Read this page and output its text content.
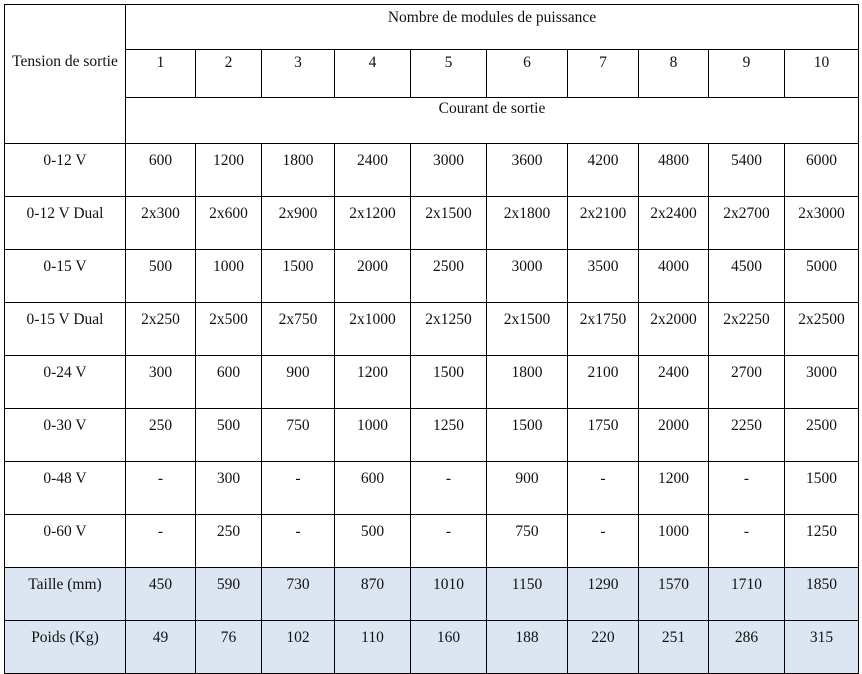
Tension de sortie	Nombre de modules de puissance									
	1	2	3	4	5	6	7	8	9	10
	Courant de sortie									
0-12 V	600	1200	1800	2400	3000	3600	4200	4800	5400	6000
0-12 V Dual	2x300	2x600	2x900	2x1200	2x1500	2x1800	2x2100	2x2400	2x2700	2x3000
0-15 V	500	1000	1500	2000	2500	3000	3500	4000	4500	5000
0-15 V Dual	2x250	2x500	2x750	2x1000	2x1250	2x1500	2x1750	2x2000	2x2250	2x2500
0-24 V	300	600	900	1200	1500	1800	2100	2400	2700	3000
0-30 V	250	500	750	1000	1250	1500	1750	2000	2250	2500
0-48 V	-	300	-	600	-	900	-	1200	-	1500
0-60 V	-	250	-	500	-	750	-	1000	-	1250
Taille (mm)	450	590	730	870	1010	1150	1290	1570	1710	1850
Poids (Kg)	49	76	102	110	160	188	220	251	286	315
